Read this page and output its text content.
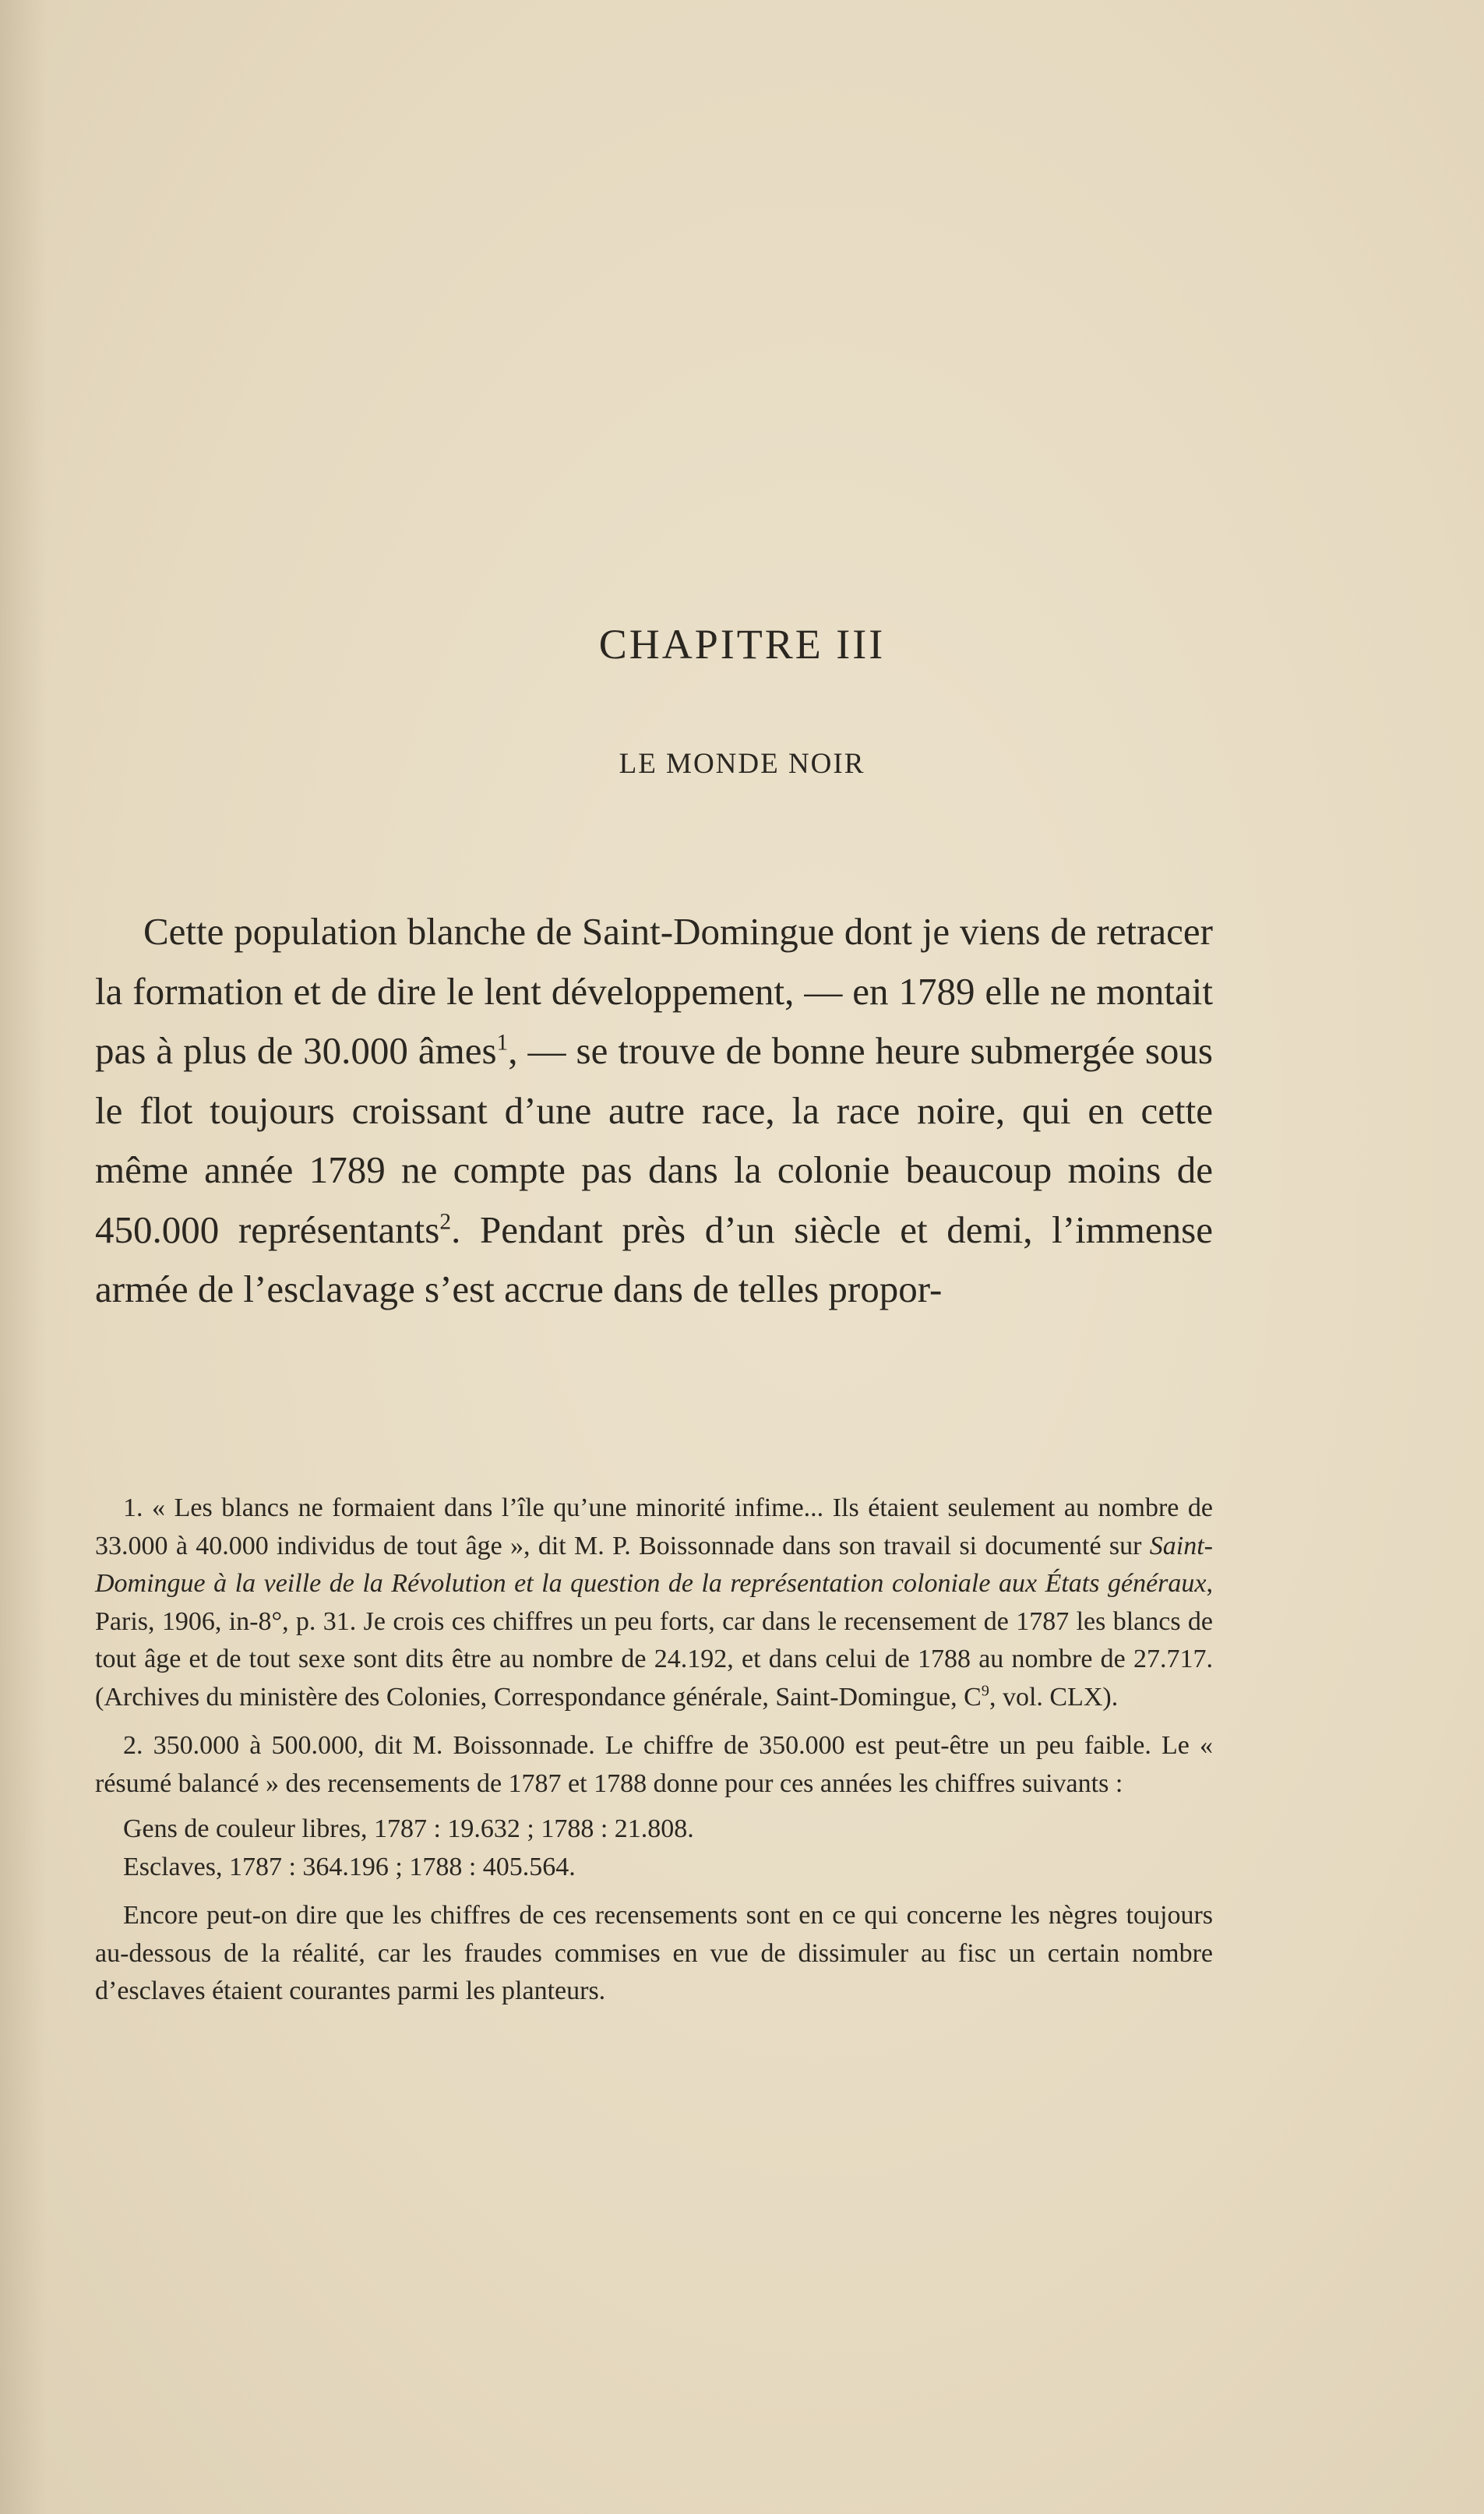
CHAPITRE III
LE MONDE NOIR

Cette population blanche de Saint-Domingue dont je viens de retracer la formation et de dire le lent développement, — en 1789 elle ne montait pas à plus de 30.000 âmes$^1$, — se trouve de bonne heure submergée sous le flot toujours croissant d’une autre race, la race noire, qui en cette même année 1789 ne compte pas dans la colonie beaucoup moins de 450.000 représentants$^2$. Pendant près d’un siècle et demi, l’immense armée de l’esclavage s’est accrue dans de telles propor-

1. « Les blancs ne formaient dans l’île qu’une minorité infime... Ils étaient seulement au nombre de 33.000 à 40.000 individus de tout âge », dit M. P. Boissonnade dans son travail si documenté sur Saint-Domingue à la veille de la Révolution et la question de la représentation coloniale aux États généraux, Paris, 1906, in-8°, p. 31. Je crois ces chiffres un peu forts, car dans le recensement de 1787 les blancs de tout âge et de tout sexe sont dits être au nombre de 24.192, et dans celui de 1788 au nombre de 27.717. (Archives du ministère des Colonies, Correspondance générale, Saint-Domingue, $C^9$, vol. CLX).

2. 350.000 à 500.000, dit M. Boissonnade. Le chiffre de 350.000 est peut-être un peu faible. Le « résumé balancé » des recensements de 1787 et 1788 donne pour ces années les chiffres suivants :

Gens de couleur libres, 1787 : 19.632 ; 1788 : 21.808.
Esclaves, 1787 : 364.196 ; 1788 : 405.564.

Encore peut-on dire que les chiffres de ces recensements sont en ce qui concerne les nègres toujours au-dessous de la réalité, car les fraudes commises en vue de dissimuler au fisc un certain nombre d’esclaves étaient courantes parmi les planteurs.
